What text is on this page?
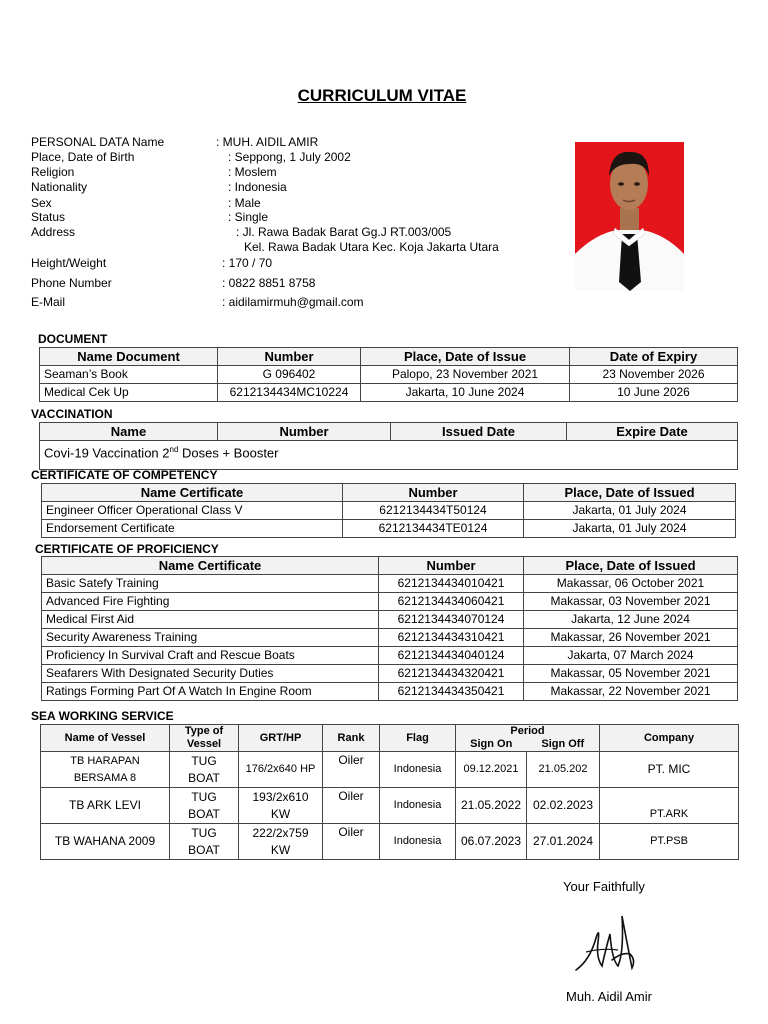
CURRICULUM VITAE
PERSONAL DATA Name	: MUH. AIDIL AMIR
Place, Date of Birth	: Seppong, 1 July 2002
Religion	: Moslem
Nationality	: Indonesia
Sex	: Male
Status	: Single
Address	: Jl. Rawa Badak Barat Gg.J RT.003/005
Kel. Rawa Badak Utara Kec. Koja Jakarta Utara
Height/Weight	: 170 / 70
Phone Number	: 0822 8851 8758
E-Mail	: aidilamirmuh@gmail.com
DOCUMENT
Name Document	Number	Place, Date of Issue	Date of Expiry
Seaman’s Book	G 096402	Palopo, 23 November 2021	23 November 2026
Medical Cek Up	6212134434MC10224	Jakarta, 10 June 2024	10 June 2026
VACCINATION
Name	Number	Issued Date	Expire Date
Covi-19 Vaccination 2nd Doses + Booster
CERTIFICATE OF COMPETENCY
Name Certificate	Number	Place, Date of Issued
Engineer Officer Operational Class V	6212134434T50124	Jakarta, 01 July 2024
Endorsement Certificate	6212134434TE0124	Jakarta, 01 July 2024
CERTIFICATE OF PROFICIENCY
Name Certificate	Number	Place, Date of Issued
Basic Satefy Training	6212134434010421	Makassar, 06 October 2021
Advanced Fire Fighting	6212134434060421	Makassar, 03 November 2021
Medical First Aid	6212134434070124	Jakarta, 12 June 2024
Security Awareness Training	6212134434310421	Makassar, 26 November 2021
Proficiency In Survival Craft and Rescue Boats	6212134434040124	Jakarta, 07 March 2024
Seafarers With Designated Security Duties	6212134434320421	Makassar, 05 November 2021
Ratings Forming Part Of A Watch In Engine Room	6212134434350421	Makassar, 22 November 2021
SEA WORKING SERVICE
Name of Vessel	Type of Vessel	GRT/HP	Rank	Flag	Period		Company
					Sign On	Sign Off	
TB HARAPAN BERSAMA 8	TUG BOAT	176/2x640 HP	Oiler	Indonesia	09.12.2021	21.05.202	PT. MIC
TB ARK LEVI	TUG BOAT	193/2x610 KW	Oiler	Indonesia	21.05.2022	02.02.2023	PT.ARK
TB WAHANA 2009	TUG BOAT	222/2x759 KW	Oiler	Indonesia	06.07.2023	27.01.2024	PT.PSB
Your Faithfully
Muh. Aidil Amir
